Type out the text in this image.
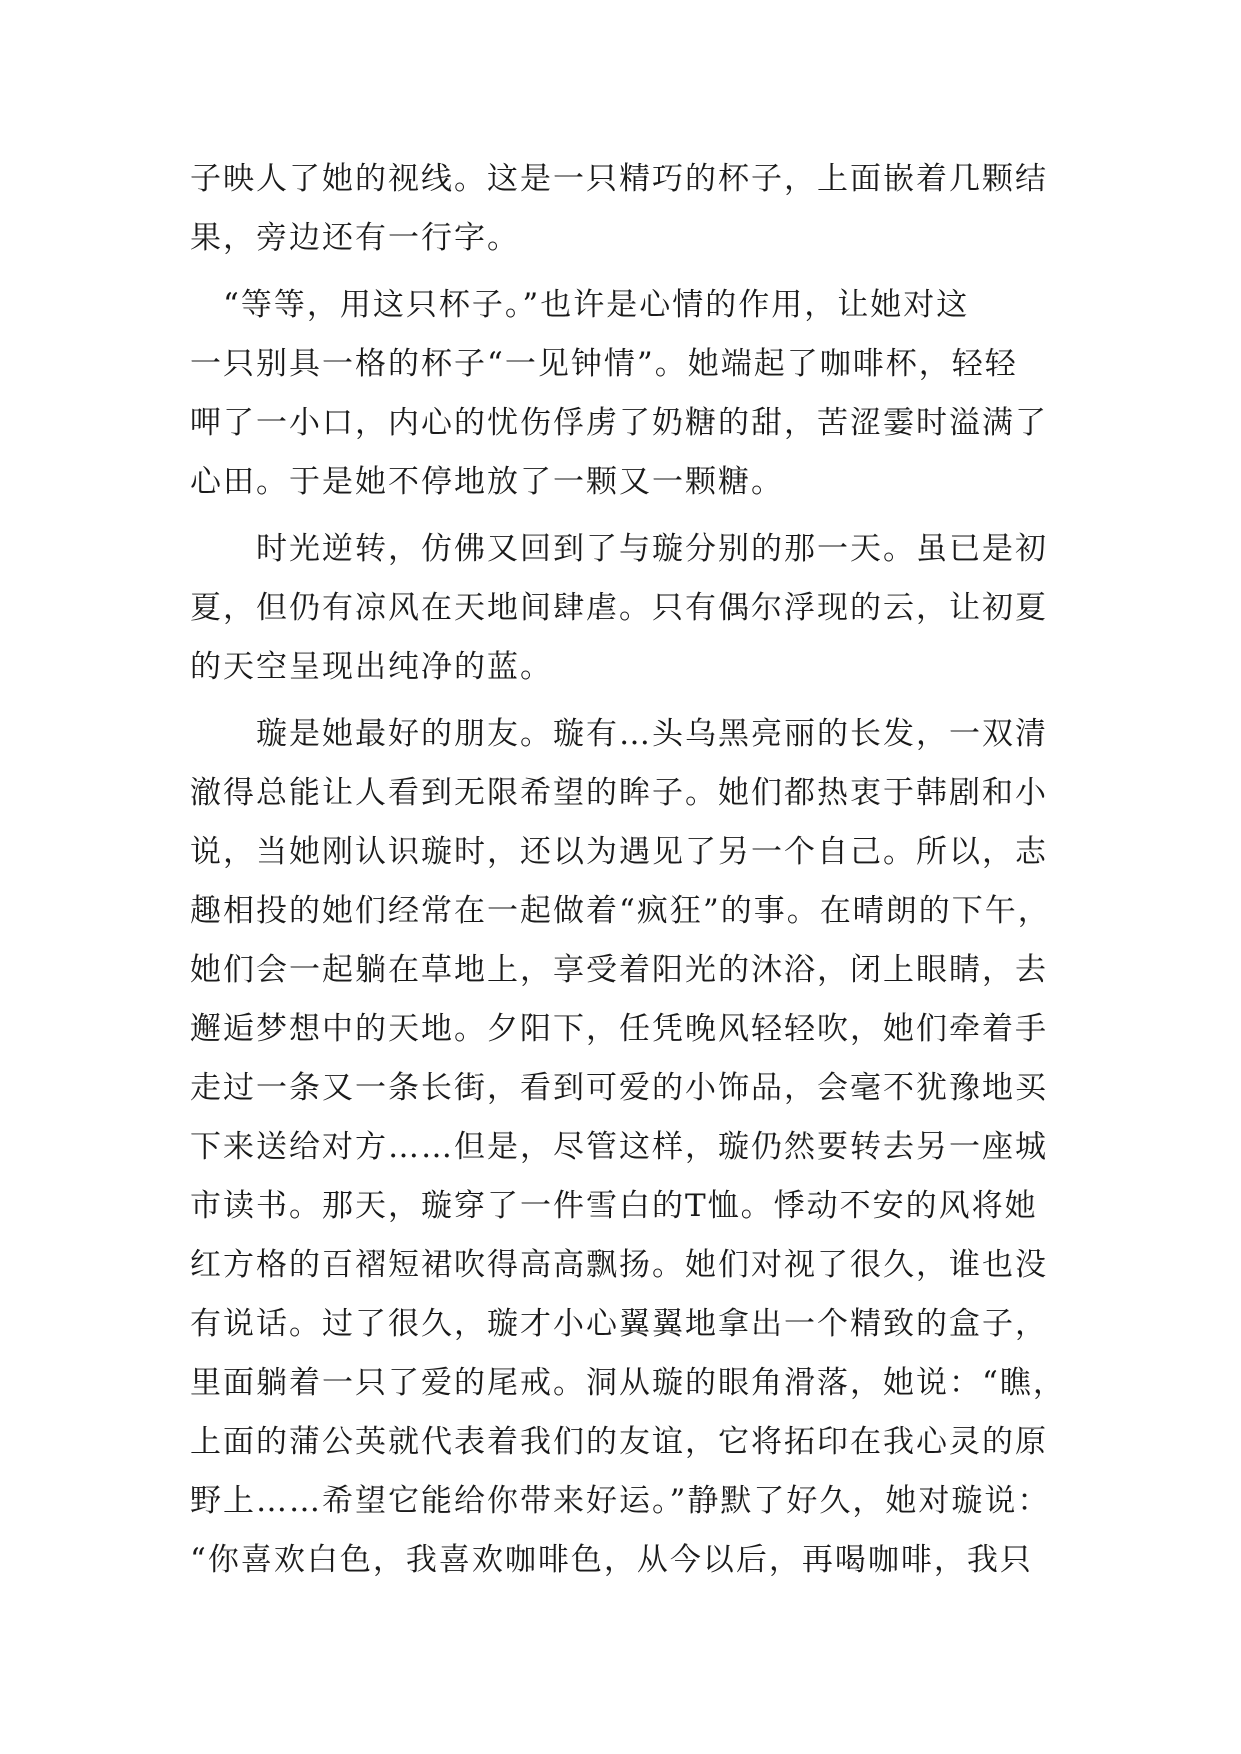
子映人了她的视线。这是一只精巧的杯子，上面嵌着几颗结
果，旁边还有一行字。
　“等等，用这只杯子。”也许是心情的作用，让她对这
一只别具一格的杯子“一见钟情”。她端起了咖啡杯，轻轻
呷了一小口，内心的忧伤俘虏了奶糖的甜，苦涩霎时溢满了
心田。于是她不停地放了一颗又一颗糖。
　　时光逆转，仿佛又回到了与璇分别的那一天。虽已是初
夏，但仍有凉风在天地间肆虐。只有偶尔浮现的云，让初夏
的天空呈现出纯净的蓝。
　　璇是她最好的朋友。璇有…头乌黑亮丽的长发，一双清
澈得总能让人看到无限希望的眸子。她们都热衷于韩剧和小
说，当她刚认识璇时，还以为遇见了另一个自己。所以，志
趣相投的她们经常在一起做着“疯狂”的事。在晴朗的下午，
她们会一起躺在草地上，享受着阳光的沐浴，闭上眼睛，去
邂逅梦想中的天地。夕阳下，任凭晚风轻轻吹，她们牵着手
走过一条又一条长街，看到可爱的小饰品，会毫不犹豫地买
下来送给对方……但是，尽管这样，璇仍然要转去另一座城
市读书。那天，璇穿了一件雪白的T恤。悸动不安的风将她
红方格的百褶短裙吹得高高飘扬。她们对视了很久，谁也没
有说话。过了很久，璇才小心翼翼地拿出一个精致的盒子，
里面躺着一只了爱的尾戒。洞从璇的眼角滑落，她说：“瞧，
上面的蒲公英就代表着我们的友谊，它将拓印在我心灵的原
野上……希望它能给你带来好运。”静默了好久，她对璇说：
“你喜欢白色，我喜欢咖啡色，从今以后，再喝咖啡，我只
